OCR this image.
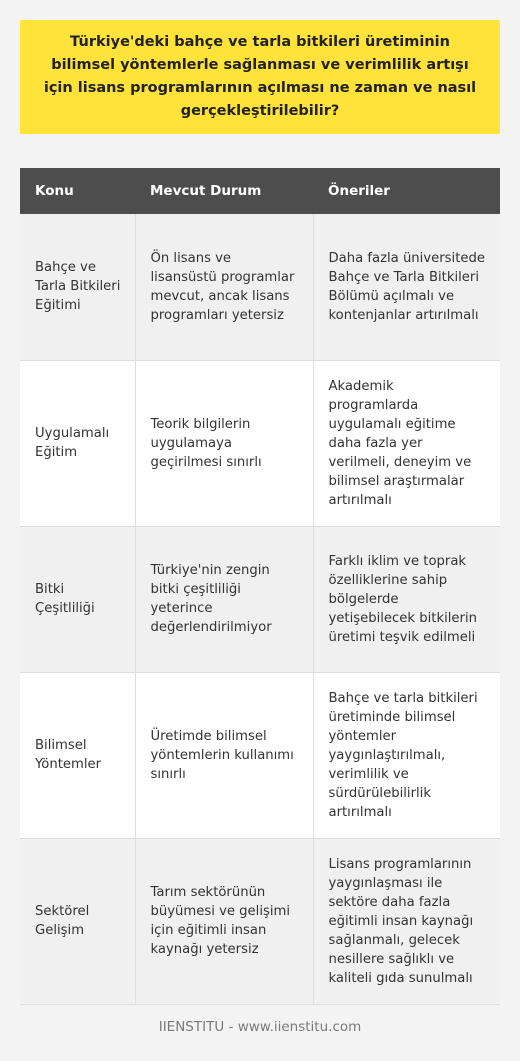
Türkiye'deki bahçe ve tarla bitkileri üretiminin bilimsel yöntemlerle sağlanması ve verimlilik artışı için lisans programlarının açılması ne zaman ve nasıl gerçekleştirilebilir?
Konu	Mevcut Durum	Öneriler
Bahçe ve Tarla Bitkileri Eğitimi	Ön lisans ve lisansüstü programlar mevcut, ancak lisans programları yetersiz	Daha fazla üniversitede Bahçe ve Tarla Bitkileri Bölümü açılmalı ve kontenjanlar artırılmalı
Uygulamalı Eğitim	Teorik bilgilerin uygulamaya geçirilmesi sınırlı	Akademik programlarda uygulamalı eğitime daha fazla yer verilmeli, deneyim ve bilimsel araştırmalar artırılmalı
Bitki Çeşitliliği	Türkiye'nin zengin bitki çeşitliliği yeterince değerlendirilmiyor	Farklı iklim ve toprak özelliklerine sahip bölgelerde yetişebilecek bitkilerin üretimi teşvik edilmeli
Bilimsel Yöntemler	Üretimde bilimsel yöntemlerin kullanımı sınırlı	Bahçe ve tarla bitkileri üretiminde bilimsel yöntemler yaygınlaştırılmalı, verimlilik ve sürdürülebilirlik artırılmalı
Sektörel Gelişim	Tarım sektörünün büyümesi ve gelişimi için eğitimli insan kaynağı yetersiz	Lisans programlarının yaygınlaşması ile sektöre daha fazla eğitimli insan kaynağı sağlanmalı, gelecek nesillere sağlıklı ve kaliteli gıda sunulmalı
IIENSTITU - www.iienstitu.com
